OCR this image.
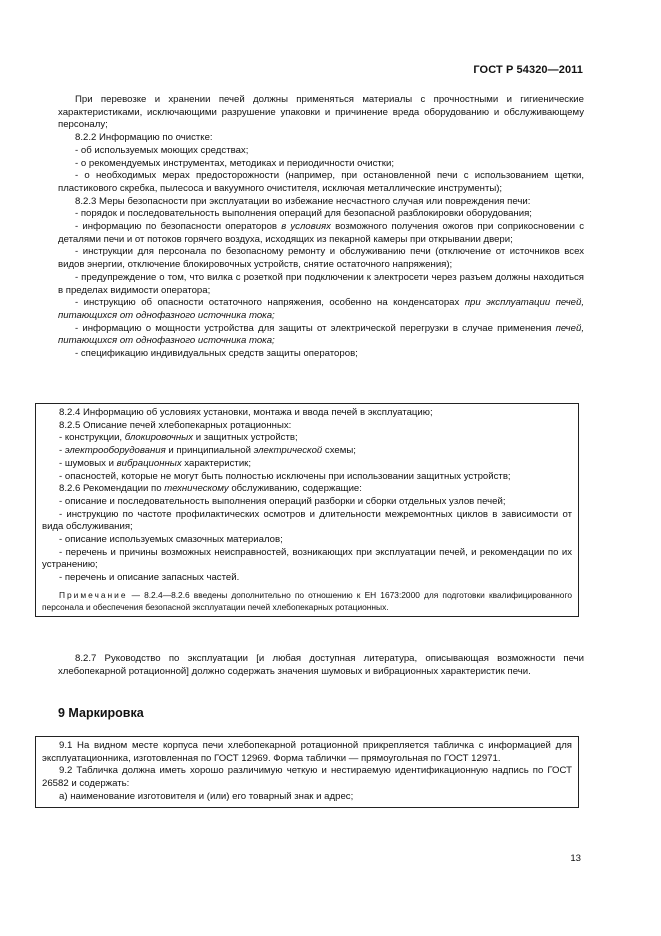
ГОСТ Р 54320—2011

При перевозке и хранении печей должны применяться материалы с прочностными и гигиенические характеристиками, исключающими разрушение упаковки и причинение вреда оборудованию и обслуживающему персоналу;

8.2.2 Информацию по очистке:

- об используемых моющих средствах;

- о рекомендуемых инструментах, методиках и периодичности очистки;

- о необходимых мерах предосторожности (например, при остановленной печи с использованием щетки, пластикового скребка, пылесоса и вакуумного очистителя, исключая металлические инструменты);

8.2.3 Меры безопасности при эксплуатации во избежание несчастного случая или повреждения печи:

- порядок и последовательность выполнения операций для безопасной разблокировки оборудования;

- информацию по безопасности операторов в условиях возможного получения ожогов при соприкосновении с деталями печи и от потоков горячего воздуха, исходящих из пекарной камеры при открывании двери;

- инструкции для персонала по безопасному ремонту и обслуживанию печи (отключение от источников всех видов энергии, отключение блокировочных устройств, снятие остаточного напряжения);

- предупреждение о том, что вилка с розеткой при подключении к электросети через разъем должны находиться в пределах видимости оператора;

- инструкцию об опасности остаточного напряжения, особенно на конденсаторах при эксплуатации печей, питающихся от однофазного источника тока;

- информацию о мощности устройства для защиты от электрической перегрузки в случае применения печей, питающихся от однофазного источника тока;

- спецификацию индивидуальных средств защиты операторов;

8.2.4 Информацию об условиях установки, монтажа и ввода печей в эксплуатацию;

8.2.5 Описание печей хлебопекарных ротационных:

- конструкции, блокировочных и защитных устройств;

- электрооборудования и принципиальной электрической схемы;

- шумовых и вибрационных характеристик;

- опасностей, которые не могут быть полностью исключены при использовании защитных устройств;

8.2.6 Рекомендации по техническому обслуживанию, содержащие:

- описание и последовательность выполнения операций разборки и сборки отдельных узлов печей;

- инструкцию по частоте профилактических осмотров и длительности межремонтных циклов в зависимости от вида обслуживания;

- описание используемых смазочных материалов;

- перечень и причины возможных неисправностей, возникающих при эксплуатации печей, и рекомендации по их устранению;

- перечень и описание запасных частей.

Примечание — 8.2.4—8.2.6 введены дополнительно по отношению к ЕН 1673:2000 для подготовки квалифицированного персонала и обеспечения безопасной эксплуатации печей хлебопекарных ротационных.

8.2.7 Руководство по эксплуатации [и любая доступная литература, описывающая возможности печи хлебопекарной ротационной] должно содержать значения шумовых и вибрационных характеристик печи.

9 Маркировка

9.1 На видном месте корпуса печи хлебопекарной ротационной прикрепляется табличка с информацией для эксплуатационника, изготовленная по ГОСТ 12969. Форма таблички — прямоугольная по ГОСТ 12971.

9.2 Табличка должна иметь хорошо различимую четкую и нестираемую идентификационную надпись по ГОСТ 26582 и содержать:

а) наименование изготовителя и (или) его товарный знак и адрес;

13
